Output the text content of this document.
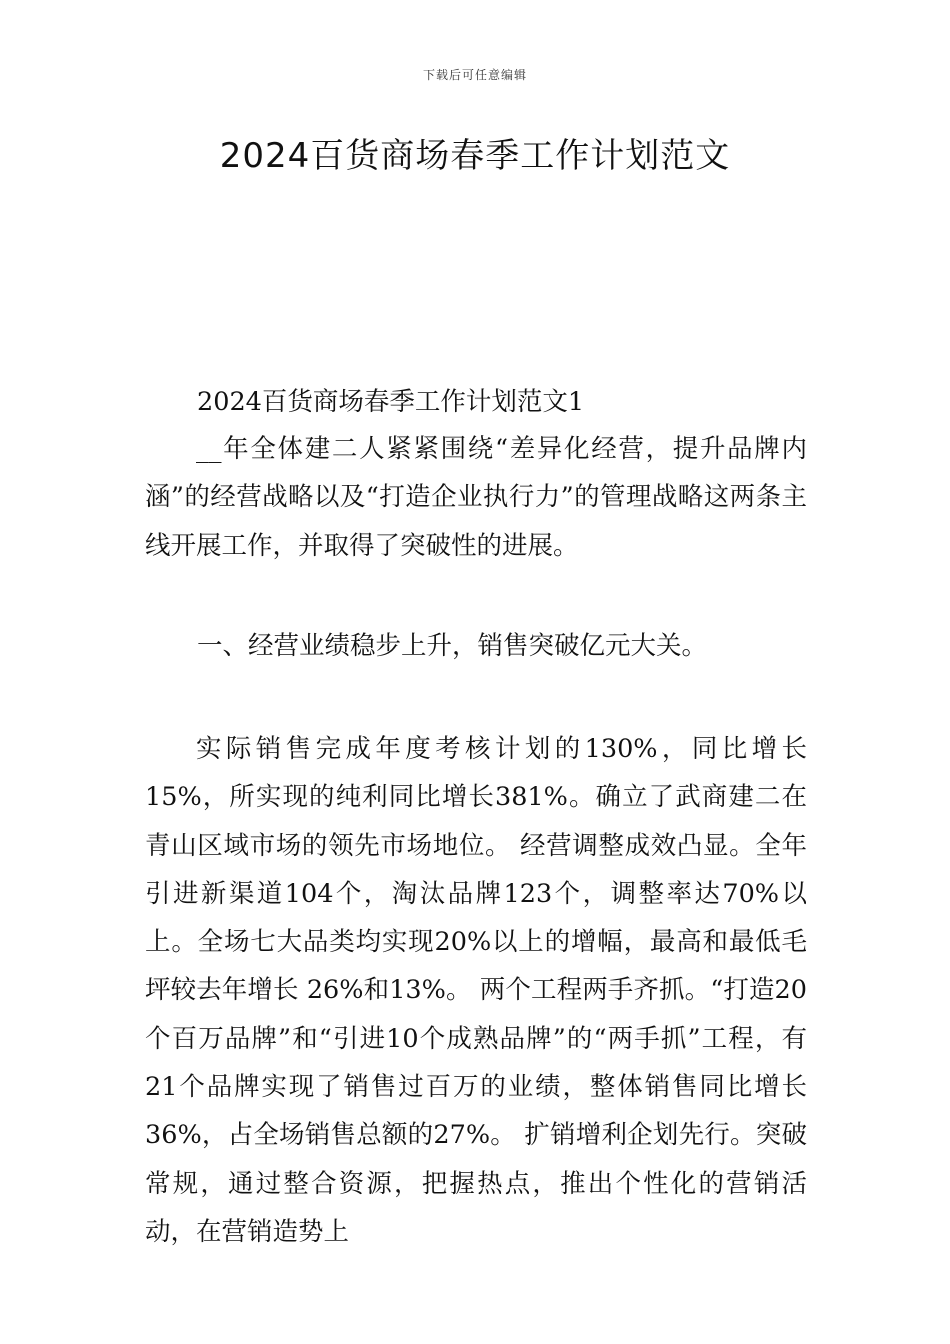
下载后可任意编辑
2024百货商场春季工作计划范文

2024百货商场春季工作计划范文1

__年全体建二人紧紧围绕“差异化经营，提升品牌内涵”的经营战略以及“打造企业执行力”的管理战略这两条主线开展工作，并取得了突破性的进展。

一、经营业绩稳步上升，销售突破亿元大关。

实际销售完成年度考核计划的130%，同比增长15%，所实现的纯利同比增长381%。确立了武商建二在青山区域市场的领先市场地位。 经营调整成效凸显。全年引进新渠道104个，淘汰品牌123个，调整率达70%以上。全场七大品类均实现20%以上的增幅，最高和最低毛坪较去年增长 26%和13%。 两个工程两手齐抓。“打造20个百万品牌”和“引进10个成熟品牌”的“两手抓”工程，有21个品牌实现了销售过百万的业绩，整体销售同比增长36%，占全场销售总额的27%。 扩销增利企划先行。突破常规，通过整合资源，把握热点，推出个性化的营销活动，在营销造势上
